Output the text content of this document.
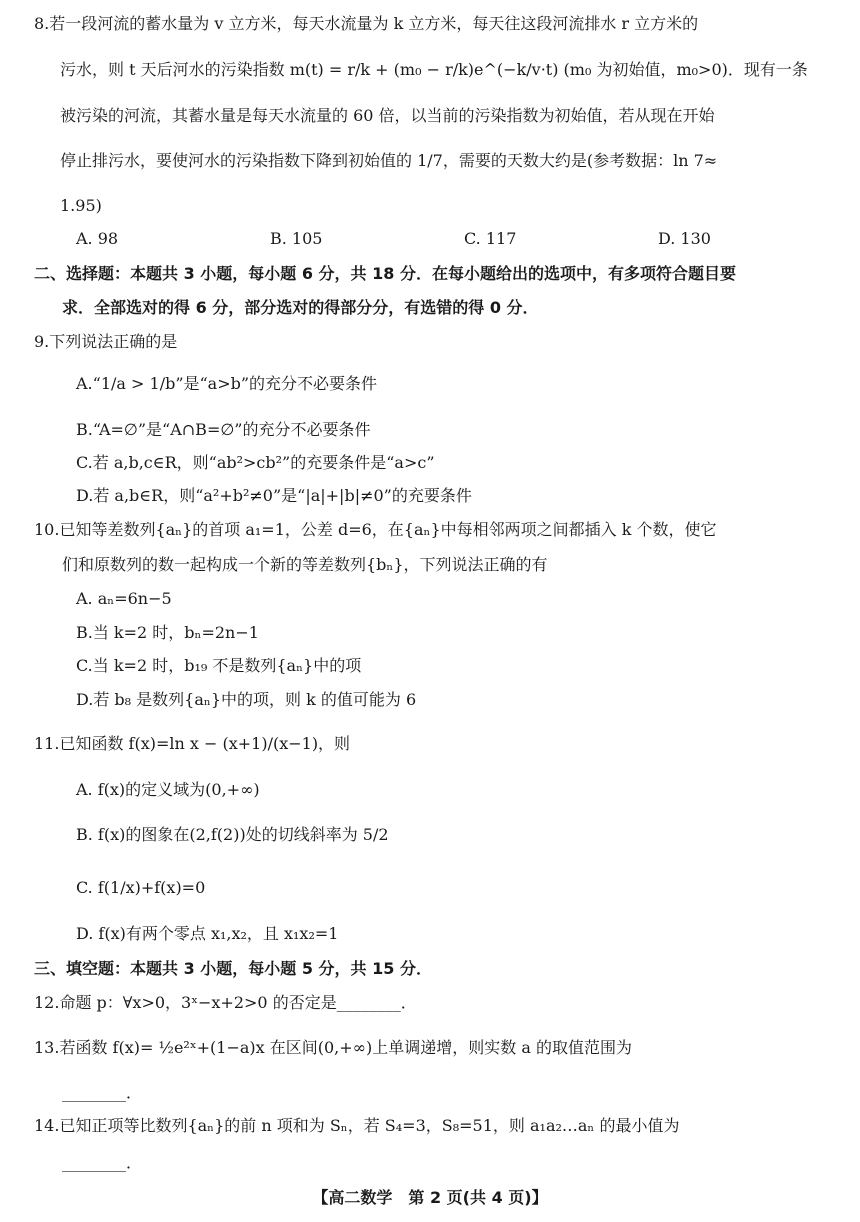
8.若一段河流的蓄水量为 v 立方米，每天水流量为 k 立方米，每天往这段河流排水 r 立方米的
污水，则 t 天后河水的污染指数 m(t) = r/k + (m₀ − r/k)e^(−k/v·t) (m₀ 为初始值，m₀>0)．现有一条
被污染的河流，其蓄水量是每天水流量的 60 倍，以当前的污染指数为初始值，若从现在开始
停止排污水，要使河水的污染指数下降到初始值的 1/7，需要的天数大约是(参考数据：ln 7≈
1.95)
A. 98	B. 105	C. 117	D. 130
二、选择题：本题共 3 小题，每小题 6 分，共 18 分．在每小题给出的选项中，有多项符合题目要
求．全部选对的得 6 分，部分选对的得部分分，有选错的得 0 分．
9.下列说法正确的是
A.“1/a > 1/b”是“a>b”的充分不必要条件
B.“A=∅”是“A∩B=∅”的充分不必要条件
C.若 a,b,c∈R，则“ab²>cb²”的充要条件是“a>c”
D.若 a,b∈R，则“a²+b²≠0”是“|a|+|b|≠0”的充要条件
10.已知等差数列{aₙ}的首项 a₁=1，公差 d=6，在{aₙ}中每相邻两项之间都插入 k 个数，使它
们和原数列的数一起构成一个新的等差数列{bₙ}，下列说法正确的有
A. aₙ=6n−5
B.当 k=2 时，bₙ=2n−1
C.当 k=2 时，b₁₉ 不是数列{aₙ}中的项
D.若 b₈ 是数列{aₙ}中的项，则 k 的值可能为 6
11.已知函数 f(x)=ln x − (x+1)/(x−1)，则
A. f(x)的定义域为(0,+∞)
B. f(x)的图象在(2,f(2))处的切线斜率为 5/2
C. f(1/x)+f(x)=0
D. f(x)有两个零点 x₁,x₂，且 x₁x₂=1
三、填空题：本题共 3 小题，每小题 5 分，共 15 分．
12.命题 p：∀x>0，3ˣ−x+2>0 的否定是________．
13.若函数 f(x)= ½e²ˣ+(1−a)x 在区间(0,+∞)上单调递增，则实数 a 的取值范围为
________．
14.已知正项等比数列{aₙ}的前 n 项和为 Sₙ，若 S₄=3，S₈=51，则 a₁a₂…aₙ 的最小值为
________．
【高二数学　第 2 页(共 4 页)】
